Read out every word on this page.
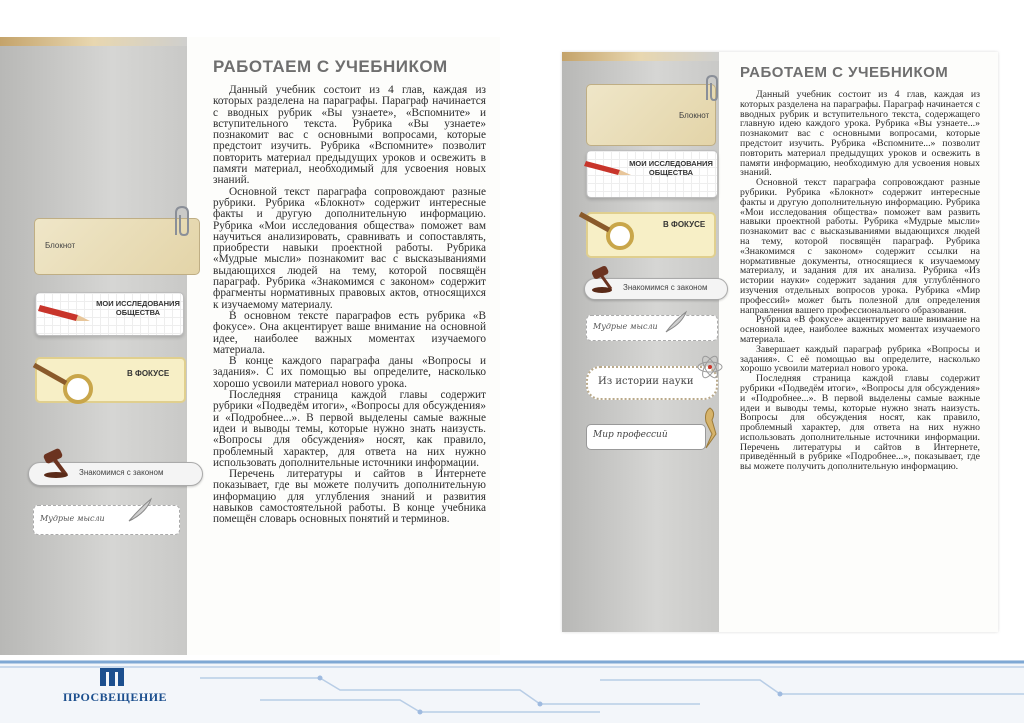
Блокнот
МОИ ИССЛЕДОВАНИЯ ОБЩЕСТВА
В ФОКУСЕ
Знакомимся с законом
Мудрые мысли
РАБОТАЕМ С УЧЕБНИКОМ

Данный учебник состоит из 4 глав, каждая из которых разделена на параграфы. Параграф начинается с вводных рубрик «Вы узнаете», «Вспомните» и вступительного текста. Рубрика «Вы узнаете» познакомит вас с основными вопросами, которые предстоит изучить. Рубрика «Вспомните» позволит повторить материал предыдущих уроков и освежить в памяти материал, необходимый для усвоения новых знаний.

Основной текст параграфа сопровождают разные рубрики. Рубрика «Блокнот» содержит интересные факты и другую дополнительную информацию. Рубрика «Мои исследования общества» поможет вам научиться анализировать, сравнивать и сопоставлять, приобрести навыки проектной работы. Рубрика «Мудрые мысли» познакомит вас с высказываниями выдающихся людей на тему, которой посвящён параграф. Рубрика «Знакомимся с законом» содержит фрагменты нормативных правовых актов, относящихся к изучаемому материалу.

В основном тексте параграфов есть рубрика «В фокусе». Она акцентирует ваше внимание на основной идее, наиболее важных моментах изучаемого материала.

В конце каждого параграфа даны «Вопросы и задания». С их помощью вы определите, насколько хорошо усвоили материал нового урока.

Последняя страница каждой главы содержит рубрики «Подведём итоги», «Вопросы для обсуждения» и «Подробнее...». В первой выделены самые важные идеи и выводы темы, которые нужно знать наизусть. «Вопросы для обсуждения» носят, как правило, проблемный характер, для ответа на них нужно использовать дополнительные источники информации.

Перечень литературы и сайтов в Интернете показывает, где вы можете получить дополнительную информацию для углубления знаний и развития навыков самостоятельной работы. В конце учебника помещён словарь основных понятий и терминов.

Блокнот
МОИ ИССЛЕДОВАНИЯ ОБЩЕСТВА
В ФОКУСЕ
Знакомимся с законом
Мудрые мысли
Из истории науки
Мир профессий
РАБОТАЕМ С УЧЕБНИКОМ

Данный учебник состоит из 4 глав, каждая из которых разделена на параграфы. Параграф начинается с вводных рубрик и вступительного текста, содержащего главную идею каждого урока. Рубрика «Вы узнаете...» познакомит вас с основными вопросами, которые предстоит изучить. Рубрика «Вспомните...» позволит повторить материал предыдущих уроков и освежить в памяти информацию, необходимую для усвоения новых знаний.

Основной текст параграфа сопровождают разные рубрики. Рубрика «Блокнот» содержит интересные факты и другую дополнительную информацию. Рубрика «Мои исследования общества» поможет вам развить навыки проектной работы. Рубрика «Мудрые мысли» познакомит вас с высказываниями выдающихся людей на тему, которой посвящён параграф. Рубрика «Знакомимся с законом» содержит ссылки на нормативные документы, относящиеся к изучаемому материалу, и задания для их анализа. Рубрика «Из истории науки» содержит задания для углублённого изучения отдельных вопросов урока. Рубрика «Мир профессий» может быть полезной для определения направления вашего профессионального образования.

Рубрика «В фокусе» акцентирует ваше внимание на основной идее, наиболее важных моментах изучаемого материала.

Завершает каждый параграф рубрика «Вопросы и задания». С её помощью вы определите, насколько хорошо усвоили материал нового урока.

Последняя страница каждой главы содержит рубрики «Подведём итоги», «Вопросы для обсуждения» и «Подробнее...». В первой выделены самые важные идеи и выводы темы, которые нужно знать наизусть. Вопросы для обсуждения носят, как правило, проблемный характер, для ответа на них нужно использовать дополнительные источники информации. Перечень литературы и сайтов в Интернете, приведённый в рубрике «Подробнее...», показывает, где вы можете получить дополнительную информацию.

ПРОСВЕЩЕНИЕ
